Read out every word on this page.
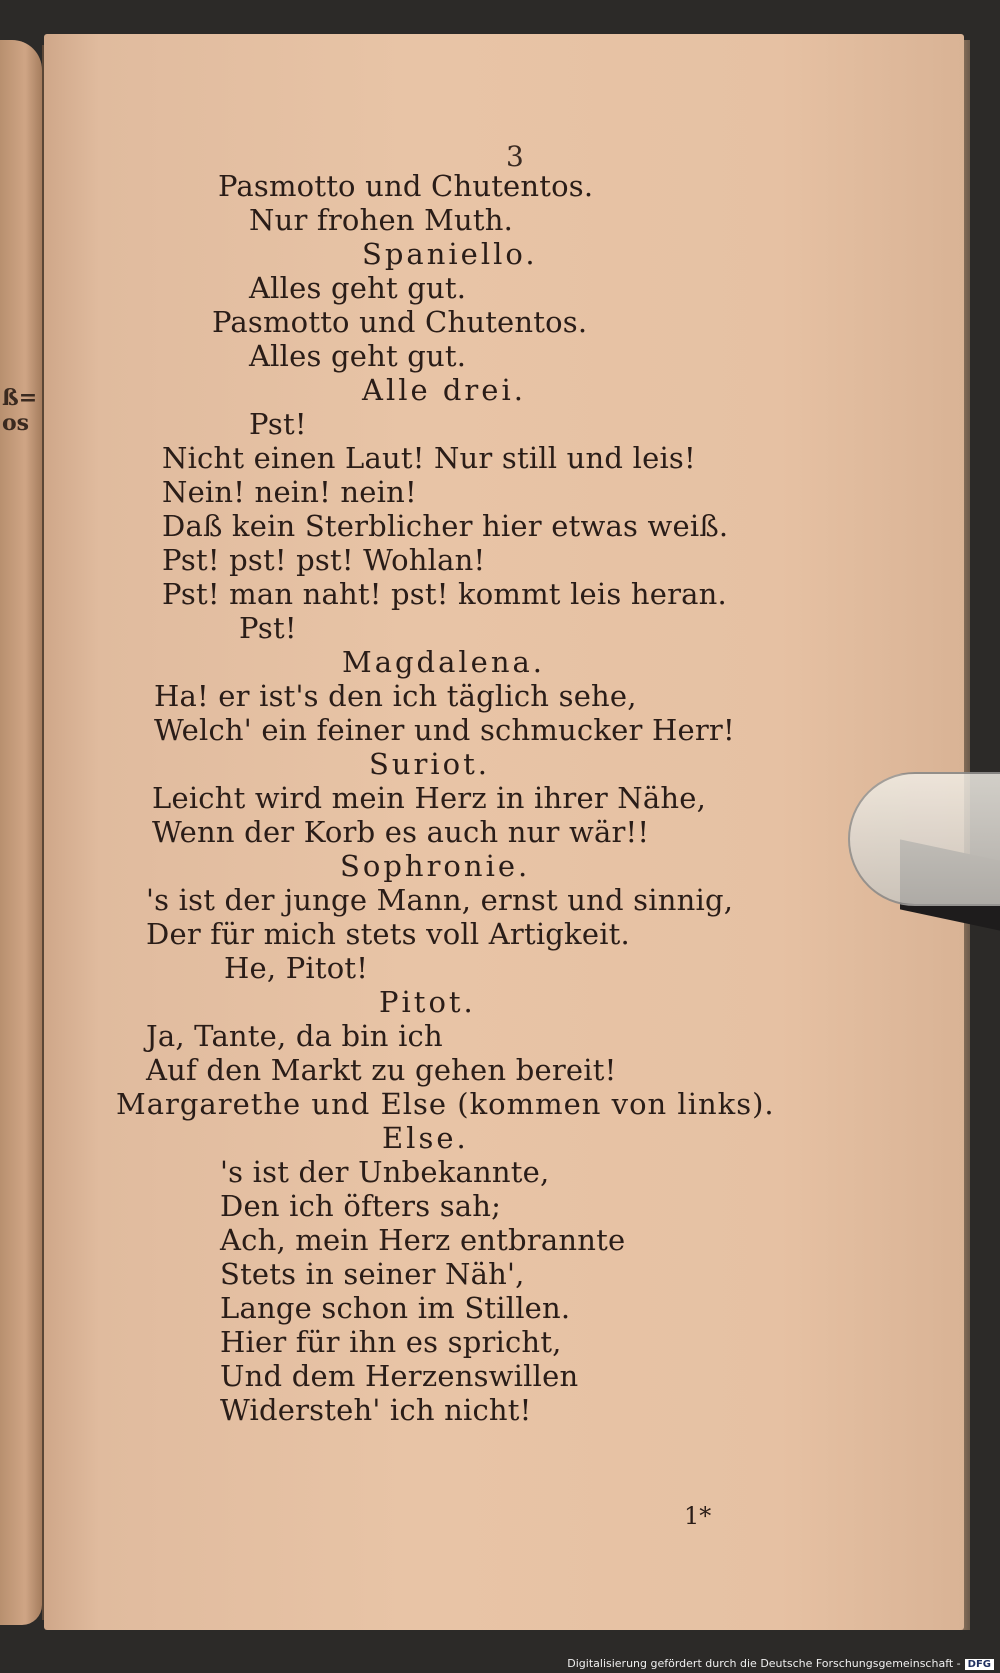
ß=
os
3
Pasmotto und Chutentos.
Nur frohen Muth.
Spaniello.
Alles geht gut.
Pasmotto und Chutentos.
Alles geht gut.
Alle drei.
Pst!
Nicht einen Laut! Nur still und leis!
Nein! nein! nein!
Daß kein Sterblicher hier etwas weiß.
Pst! pst! pst! Wohlan!
Pst! man naht! pst! kommt leis heran.
Pst!
Magdalena.
Ha! er ist's den ich täglich sehe,
Welch' ein feiner und schmucker Herr!
Suriot.
Leicht wird mein Herz in ihrer Nähe,
Wenn der Korb es auch nur wär!!
Sophronie.
's ist der junge Mann, ernst und sinnig,
Der für mich stets voll Artigkeit.
He, Pitot!
Pitot.
Ja, Tante, da bin ich
Auf den Markt zu gehen bereit!
Margarethe und Else (kommen von links).
Else.
's ist der Unbekannte,
Den ich öfters sah;
Ach, mein Herz entbrannte
Stets in seiner Näh',
Lange schon im Stillen.
Hier für ihn es spricht,
Und dem Herzenswillen
Widersteh' ich nicht!
1*
Digitalisierung gefördert durch die Deutsche Forschungsgemeinschaft - DFG
